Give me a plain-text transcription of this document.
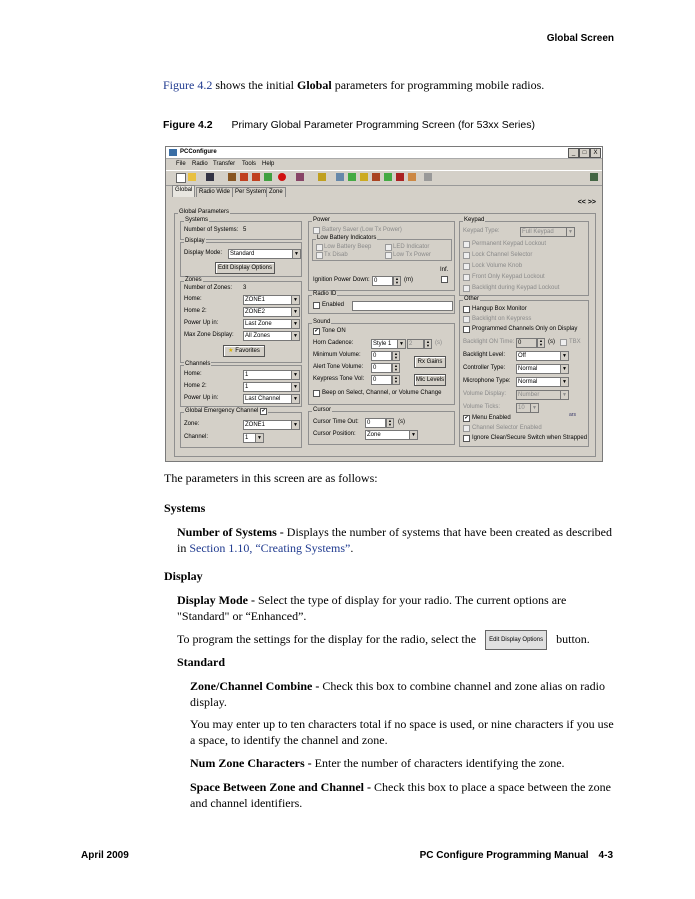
Global Screen
Figure 4.2 shows the initial Global parameters for programming mobile radios.
Figure 4.2 Primary Global Parameter Programming Screen (for 53xx Series)
PCConfigure	_	□	X
File Radio Transfer Tools Help
Global	Radio Wide Per System Zone
<< >>
Global Parameters
Systems
Number of Systems: 5
Display
Display Mode:	Standard	▼
Edit Display Options
Zones
Number of Zones: 3
Home:	ZONE1	▼
Home 2:	ZONE2	▼
Power Up in:	Last Zone	▼
Max Zone Display:	All Zones	▼
★ Favorites
Channels
Home:	1	▼
Home 2:	1	▼
Power Up in:	Last Channel	▼
Global Emergency Channel ✔
Zone:	ZONE1	▼
Channel:	1	▼
Power
Battery Saver (Low Tx Power)
Low Battery Indicators
Low Battery Beep	LED Indicator
Tx Disab	Low Tx Power
Inf.
Ignition Power Down: 0	▲
▼ (m)
Radio ID
Enabled
Sound
✔ Tone ON
Horn Cadence:	Style 1	▼ 2	▲
▼ (s)
Minimum Volume:	0	▲
▼
Alert Tone Volume:	0	▲
▼
Rx Gains
Keypress Tone Vol:	0	▲
▼	Mic Levels
Beep on Select, Channel, or Volume Change
Cursor
Cursor Time Out:	0	▲
▼	(s)
Cursor Position:	Zone	▼
Keypad
Keypad Type:	Full Keypad	▼
Permanent Keypad Lockout
Lock Channel Selector
Lock Volume Knob
Front Only Keypad Lockout
Backlight during Keypad Lockout
Other
Hangup Box Monitor
Backlight on Keypress
Programmed Channels Only on Display
Backlight ON Time: 0	▲
▼ (s) TBX
Backlight Level:	Off	▼
Controller Type:	Normal	▼
Microphone Type:	Normal	▼
Volume Display:	Number	▼
Volume Ticks:	10	▼
✔ Menu Enabled	ars
Channel Selector Enabled
Ignore Clear/Secure Switch when Strapped
The parameters in this screen are as follows:
Systems
Number of Systems - Displays the number of systems that have been created as described in Section 1.10, “Creating Systems”.
Display
Display Mode - Select the type of display for your radio. The current options are "Standard" or “Enhanced”.
To program the settings for the display for the radio, select the Edit Display Options button.
Standard
Zone/Channel Combine - Check this box to combine channel and zone alias on radio display.
You may enter up to ten characters total if no space is used, or nine characters if you use a space, to identify the channel and zone.
Num Zone Characters - Enter the number of characters identifying the zone.
Space Between Zone and Channel - Check this box to place a space between the zone and channel identifiers.
April 2009	PC Configure Programming Manual 4-3
